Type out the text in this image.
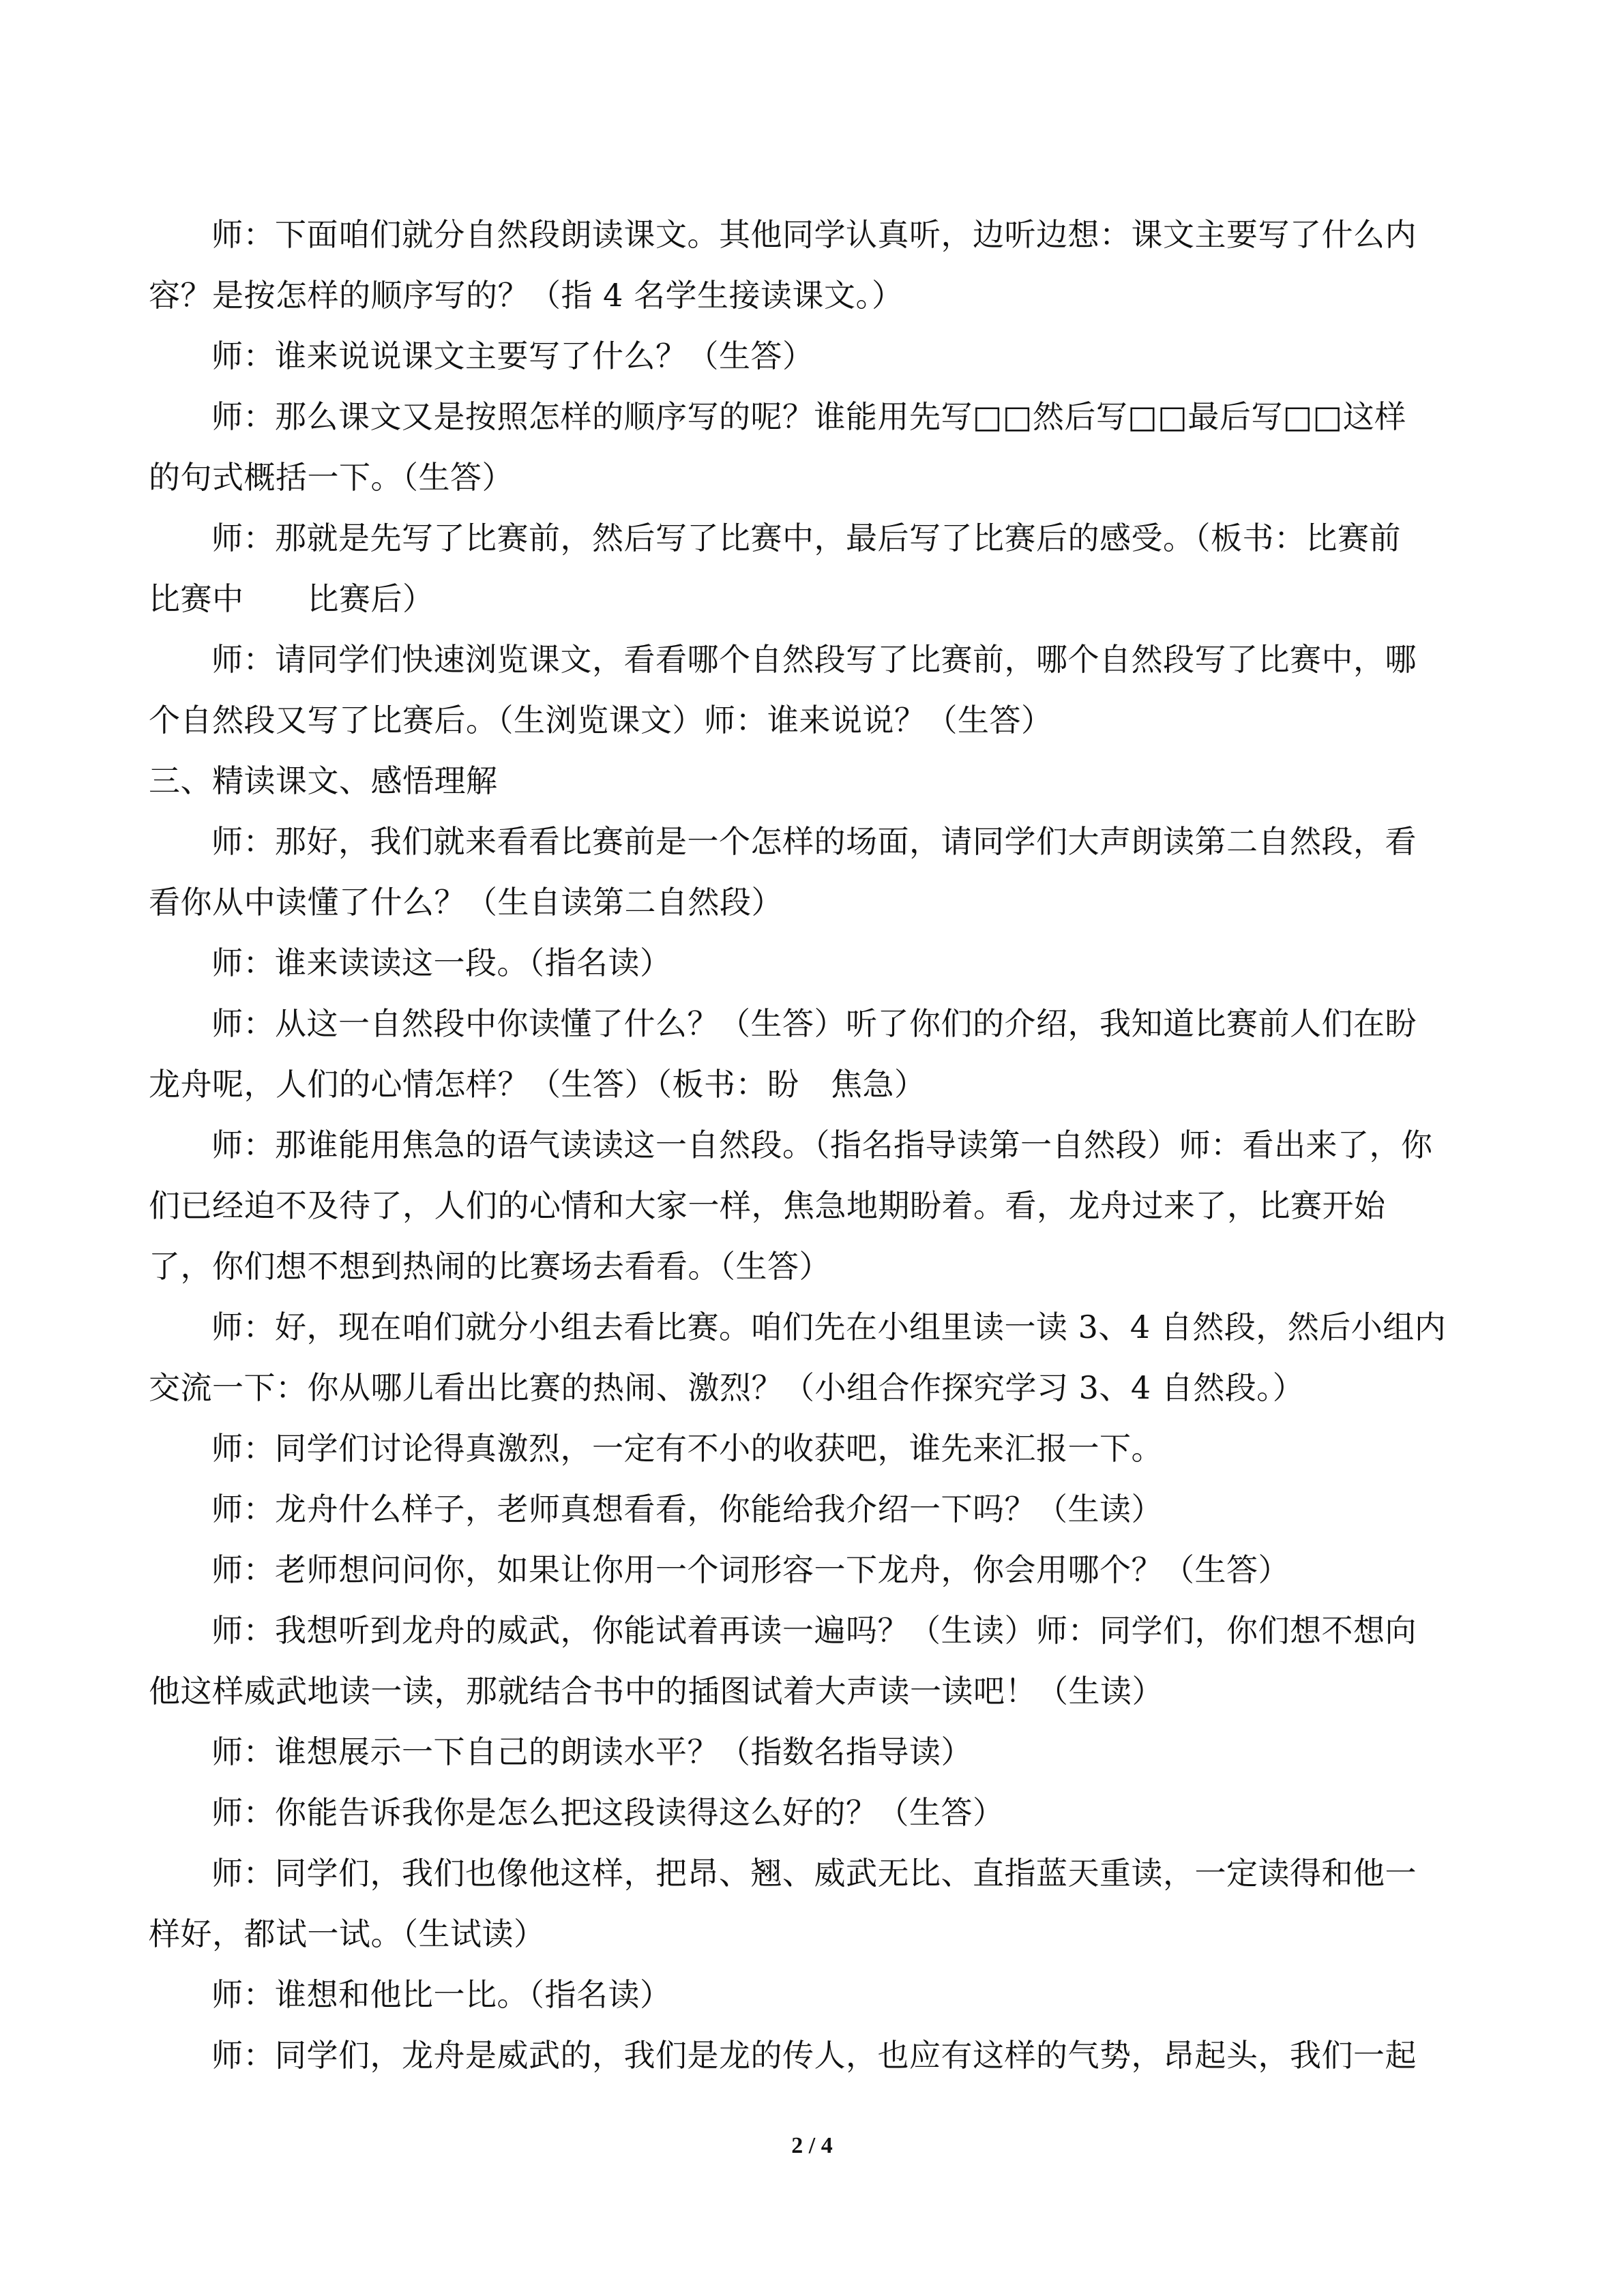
师：下面咱们就分自然段朗读课文。其他同学认真听，边听边想：课文主要写了什么内
容？是按怎样的顺序写的？（指 4 名学生接读课文。）
师：谁来说说课文主要写了什么？（生答）
师：那么课文又是按照怎样的顺序写的呢？谁能用先写□□然后写□□最后写□□这样
的句式概括一下。（生答）
师：那就是先写了比赛前，然后写了比赛中，最后写了比赛后的感受。（板书：比赛前
比赛中　　比赛后）
师：请同学们快速浏览课文，看看哪个自然段写了比赛前，哪个自然段写了比赛中，哪
个自然段又写了比赛后。（生浏览课文）师：谁来说说？（生答）
三、精读课文、感悟理解
师：那好，我们就来看看比赛前是一个怎样的场面，请同学们大声朗读第二自然段，看
看你从中读懂了什么？（生自读第二自然段）
师：谁来读读这一段。（指名读）
师：从这一自然段中你读懂了什么？（生答）听了你们的介绍，我知道比赛前人们在盼
龙舟呢，人们的心情怎样？（生答）（板书：盼　焦急）
师：那谁能用焦急的语气读读这一自然段。（指名指导读第一自然段）师：看出来了，你
们已经迫不及待了，人们的心情和大家一样，焦急地期盼着。看，龙舟过来了，比赛开始
了，你们想不想到热闹的比赛场去看看。（生答）
师：好，现在咱们就分小组去看比赛。咱们先在小组里读一读 3、4 自然段，然后小组内
交流一下：你从哪儿看出比赛的热闹、激烈？（小组合作探究学习 3、4 自然段。）
师：同学们讨论得真激烈，一定有不小的收获吧，谁先来汇报一下。
师：龙舟什么样子，老师真想看看，你能给我介绍一下吗？（生读）
师：老师想问问你，如果让你用一个词形容一下龙舟，你会用哪个？（生答）
师：我想听到龙舟的威武，你能试着再读一遍吗？（生读）师：同学们，你们想不想向
他这样威武地读一读，那就结合书中的插图试着大声读一读吧！（生读）
师：谁想展示一下自己的朗读水平？（指数名指导读）
师：你能告诉我你是怎么把这段读得这么好的？（生答）
师：同学们，我们也像他这样，把昂、翘、威武无比、直指蓝天重读，一定读得和他一
样好，都试一试。（生试读）
师：谁想和他比一比。（指名读）
师：同学们，龙舟是威武的，我们是龙的传人，也应有这样的气势，昂起头，我们一起
2 / 4
